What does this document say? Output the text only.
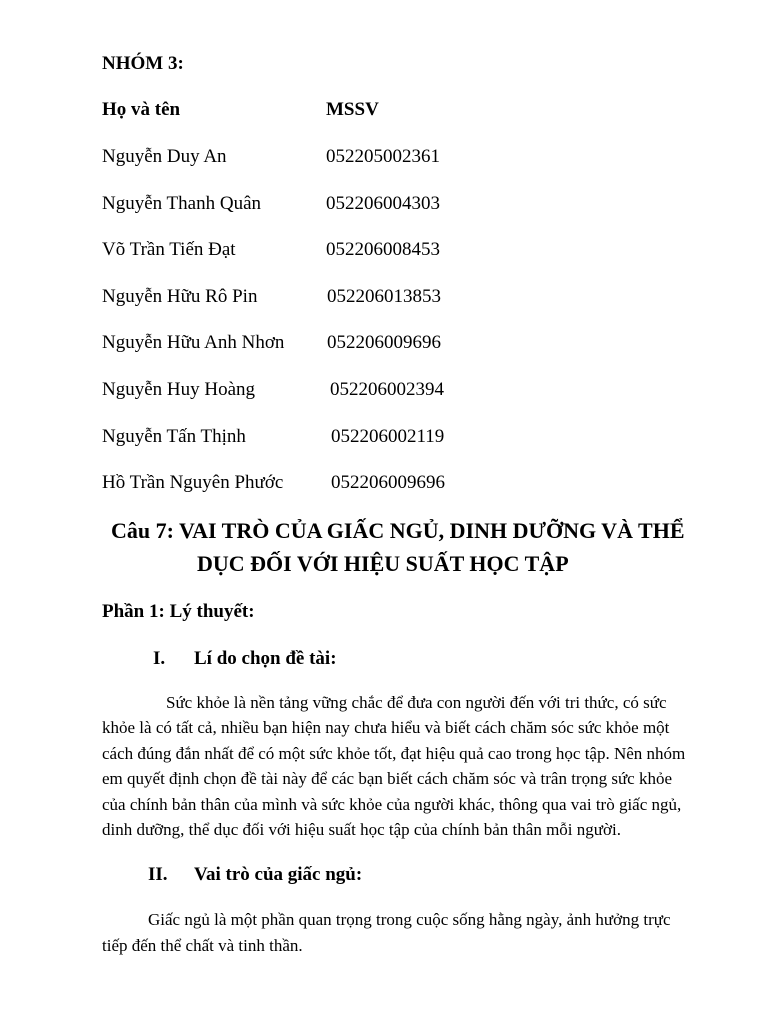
NHÓM 3:
Họ và tên	MSSV
Nguyễn Duy An	052205002361
Nguyễn Thanh Quân	052206004303
Võ Trần Tiến Đạt	052206008453
Nguyễn Hữu Rô Pin	052206013853
Nguyễn Hữu Anh Nhơn 052206009696
Nguyễn Huy Hoàng	052206002394
Nguyễn Tấn Thịnh	052206002119
Hồ Trần Nguyên Phước	052206009696
Câu 7: VAI TRÒ CỦA GIẤC NGỦ, DINH DƯỠNG VÀ THỂ
DỤC ĐỐI VỚI HIỆU SUẤT HỌC TẬP
Phần 1: Lý thuyết:
I. Lí do chọn đề tài:
Sức khỏe là nền tảng vững chắc để đưa con người đến với tri thức, có sức
khỏe là có tất cả, nhiều bạn hiện nay chưa hiểu và biết cách chăm sóc sức khỏe một
cách đúng đắn nhất để có một sức khỏe tốt, đạt hiệu quả cao trong học tập. Nên nhóm
em quyết định chọn đề tài này để các bạn biết cách chăm sóc và trân trọng sức khỏe
của chính bản thân của mình và sức khỏe của người khác, thông qua vai trò giấc ngủ,
dinh dưỡng, thể dục đối với hiệu suất học tập của chính bản thân mỗi người.
II. Vai trò của giấc ngủ:
Giấc ngủ là một phần quan trọng trong cuộc sống hằng ngày, ảnh hưởng trực
tiếp đến thể chất và tinh thần.
